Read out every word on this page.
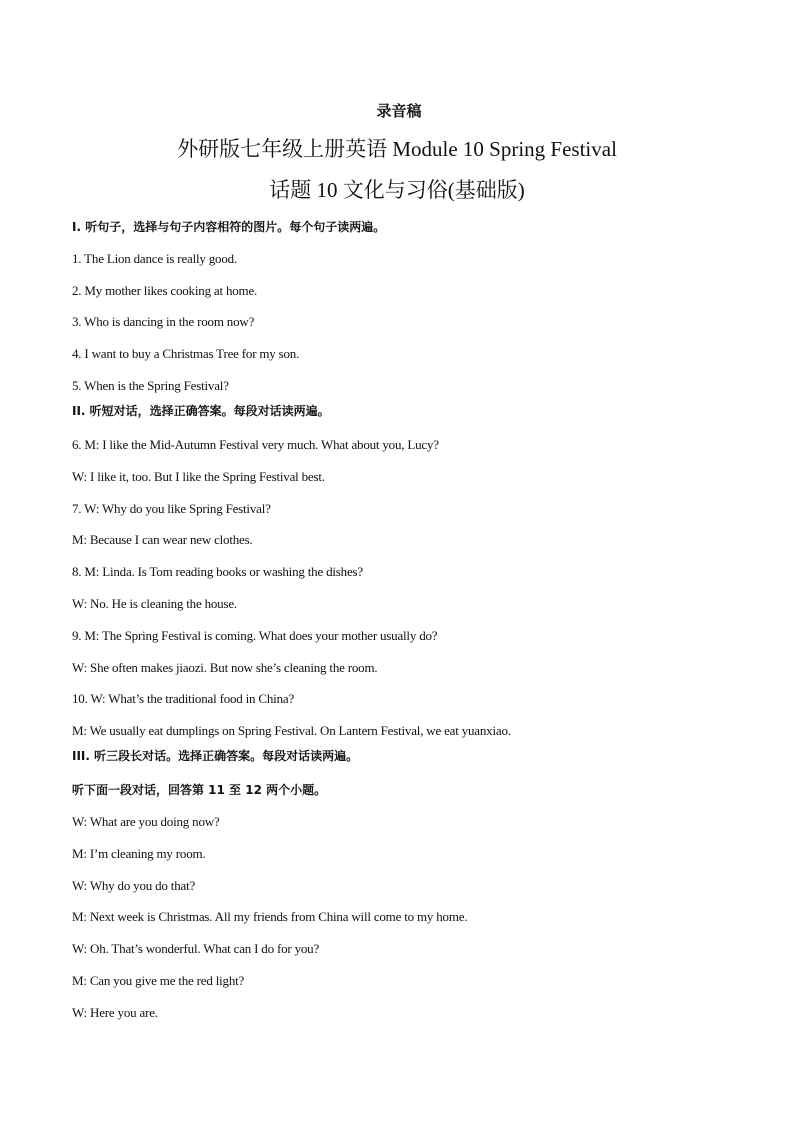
录音稿
外研版七年级上册英语 Module 10 Spring Festival
话题 10 文化与习俗(基础版)
Ⅰ. 听句子，选择与句子内容相符的图片。每个句子读两遍。
1. The Lion dance is really good.
2. My mother likes cooking at home.
3. Who is dancing in the room now?
4. I want to buy a Christmas Tree for my son.
5. When is the Spring Festival?
II. 听短对话，选择正确答案。每段对话读两遍。
6. M: I like the Mid-Autumn Festival very much. What about you, Lucy?
W: I like it, too. But I like the Spring Festival best.
7. W: Why do you like Spring Festival?
M: Because I can wear new clothes.
8. M: Linda. Is Tom reading books or washing the dishes?
W: No. He is cleaning the house.
9. M: The Spring Festival is coming. What does your mother usually do?
W: She often makes jiaozi. But now she’s cleaning the room.
10. W: What’s the traditional food in China?
M: We usually eat dumplings on Spring Festival. On Lantern Festival, we eat yuanxiao.
III. 听三段长对话。选择正确答案。每段对话读两遍。
听下面一段对话，回答第 11 至 12 两个小题。
W: What are you doing now?
M: I’m cleaning my room.
W: Why do you do that?
M: Next week is Christmas. All my friends from China will come to my home.
W: Oh. That’s wonderful. What can I do for you?
M: Can you give me the red light?
W: Here you are.
